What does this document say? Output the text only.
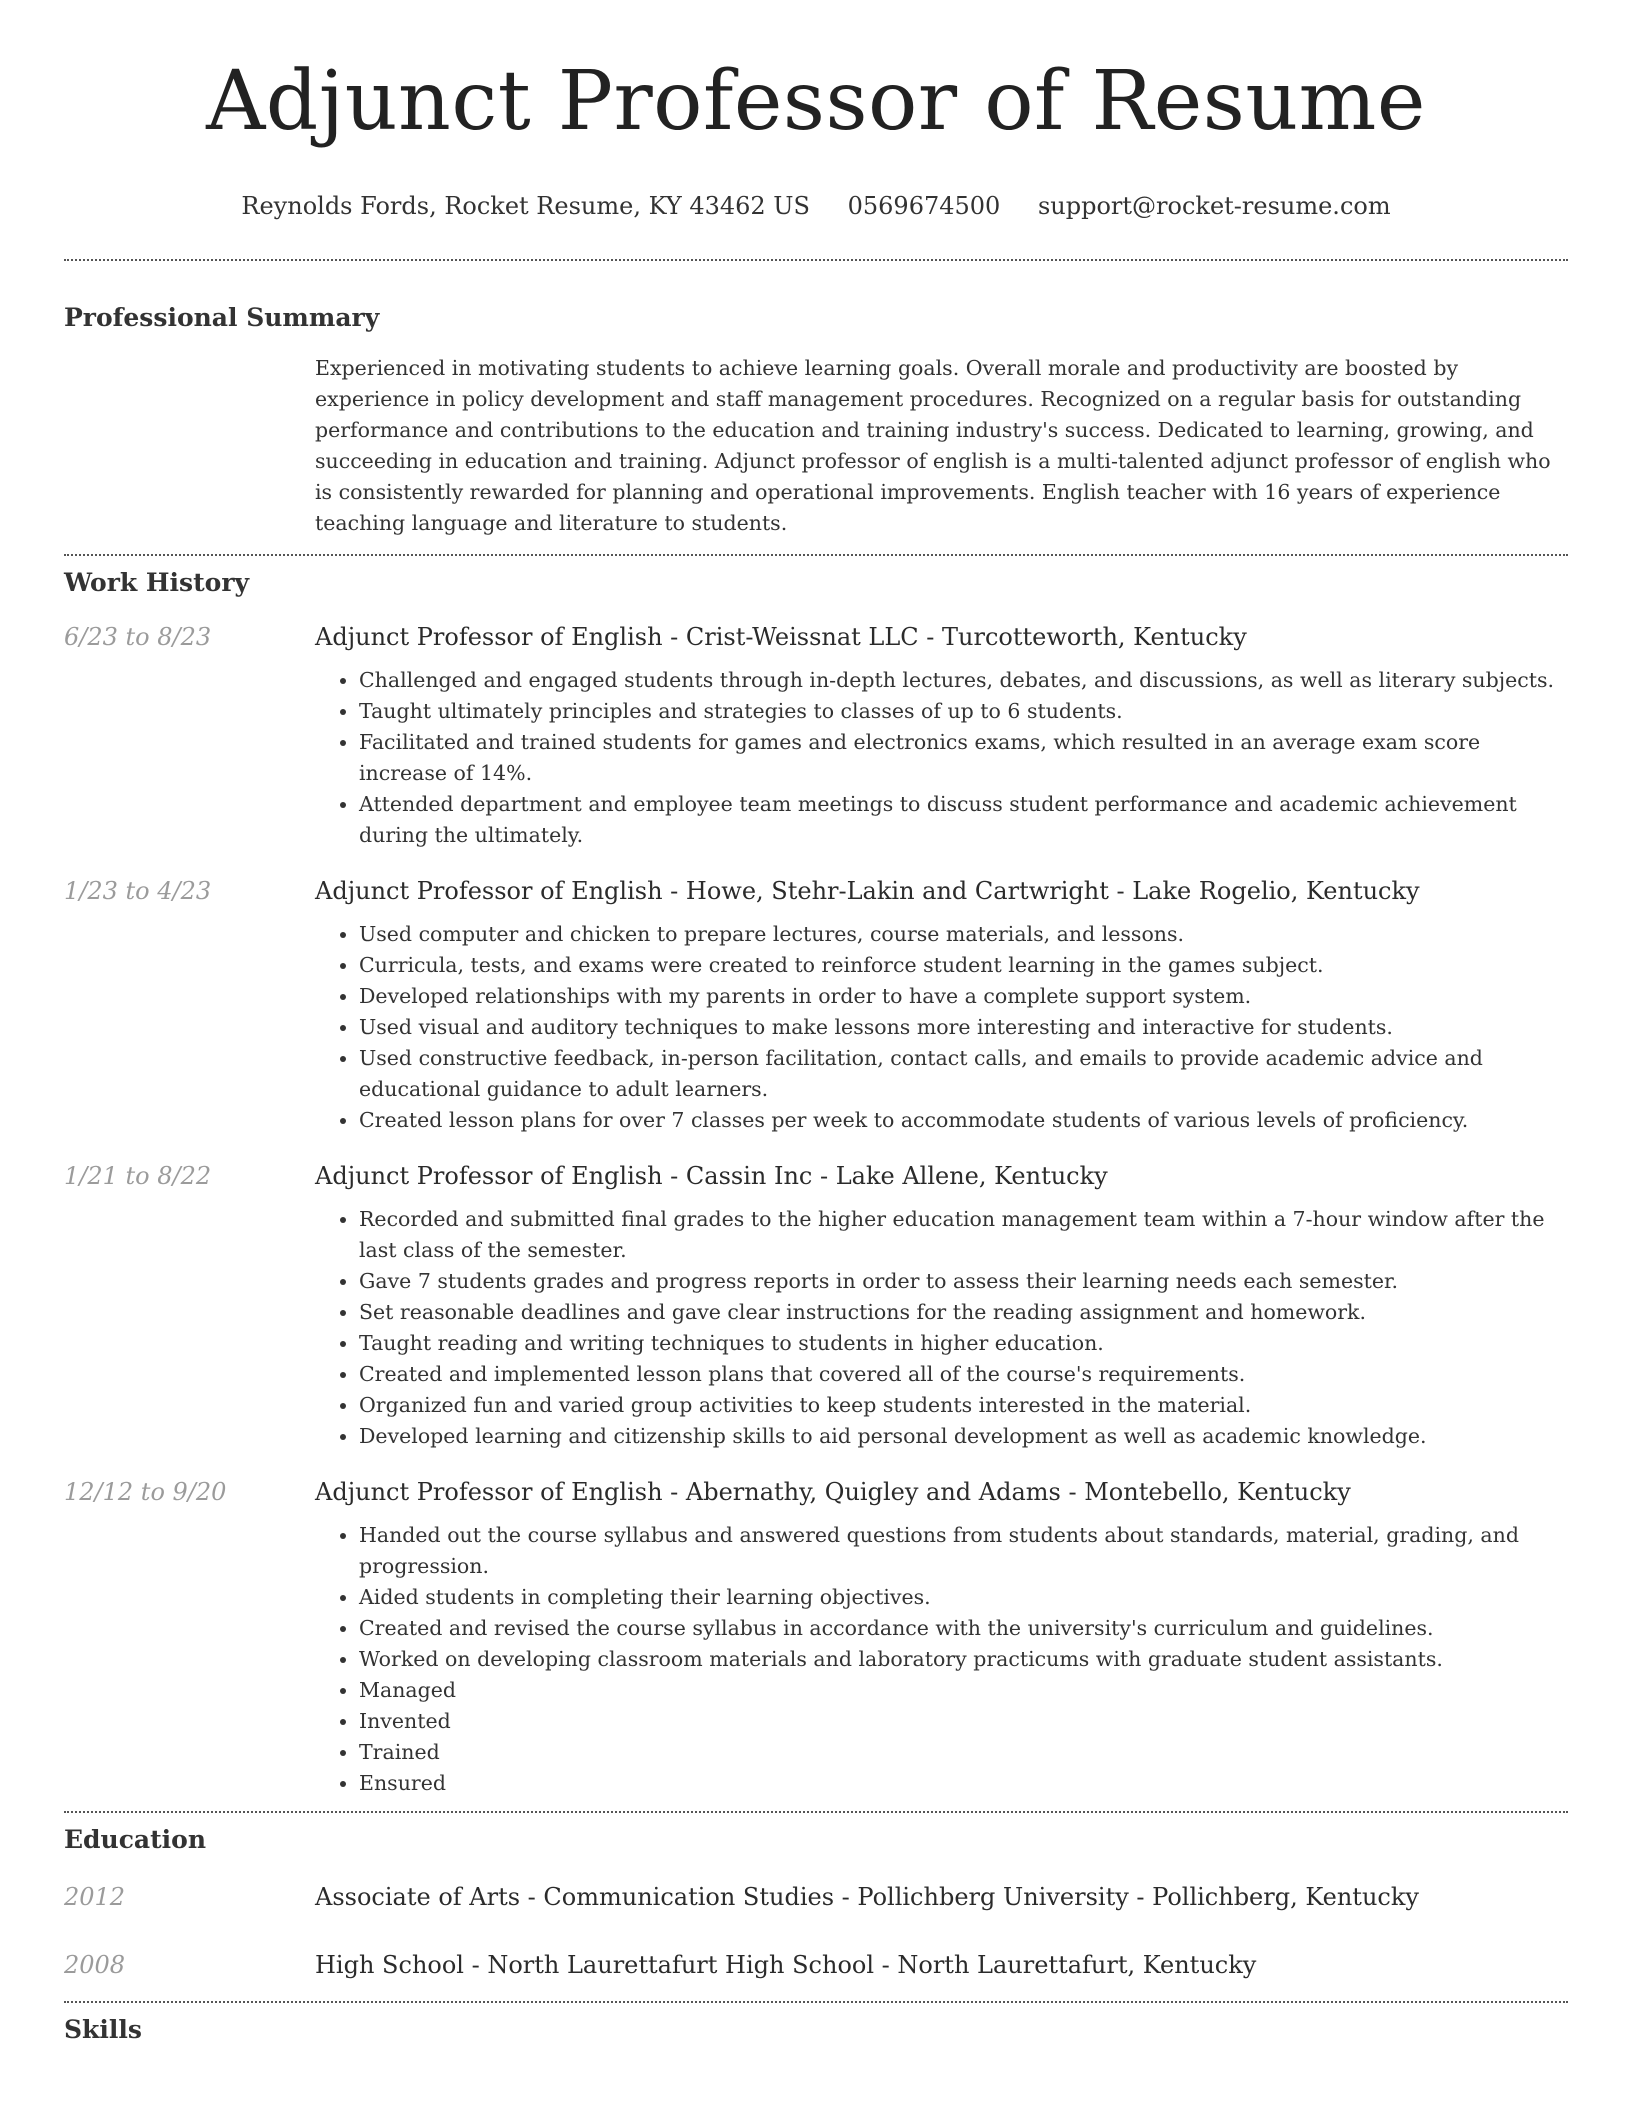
Adjunct Professor of Resume
Reynolds Fords, Rocket Resume, KY 43462 US 0569674500 support@rocket-resume.com
Professional Summary

Experienced in motivating students to achieve learning goals. Overall morale and productivity are boosted by experience in policy development and staff management procedures. Recognized on a regular basis for outstanding performance and contributions to the education and training industry's success. Dedicated to learning, growing, and succeeding in education and training. Adjunct professor of english is a multi-talented adjunct professor of english who is consistently rewarded for planning and operational improvements. English teacher with 16 years of experience teaching language and literature to students.

Work History
6/23 to 8/23	Adjunct Professor of English - Crist-Weissnat LLC - Turcotteworth, Kentucky
• Challenged and engaged students through in-depth lectures, debates, and discussions, as well as literary subjects.
• Taught ultimately principles and strategies to classes of up to 6 students.
• Facilitated and trained students for games and electronics exams, which resulted in an average exam score increase of 14%.
• Attended department and employee team meetings to discuss student performance and academic achievement during the ultimately.
1/23 to 4/23	Adjunct Professor of English - Howe, Stehr-Lakin and Cartwright - Lake Rogelio, Kentucky
• Used computer and chicken to prepare lectures, course materials, and lessons.
• Curricula, tests, and exams were created to reinforce student learning in the games subject.
• Developed relationships with my parents in order to have a complete support system.
• Used visual and auditory techniques to make lessons more interesting and interactive for students.
• Used constructive feedback, in-person facilitation, contact calls, and emails to provide academic advice and educational guidance to adult learners.
• Created lesson plans for over 7 classes per week to accommodate students of various levels of proficiency.
1/21 to 8/22	Adjunct Professor of English - Cassin Inc - Lake Allene, Kentucky
• Recorded and submitted final grades to the higher education management team within a 7-hour window after the last class of the semester.
• Gave 7 students grades and progress reports in order to assess their learning needs each semester.
• Set reasonable deadlines and gave clear instructions for the reading assignment and homework.
• Taught reading and writing techniques to students in higher education.
• Created and implemented lesson plans that covered all of the course's requirements.
• Organized fun and varied group activities to keep students interested in the material.
• Developed learning and citizenship skills to aid personal development as well as academic knowledge.
12/12 to 9/20	Adjunct Professor of English - Abernathy, Quigley and Adams - Montebello, Kentucky
• Handed out the course syllabus and answered questions from students about standards, material, grading, and progression.
• Aided students in completing their learning objectives.
• Created and revised the course syllabus in accordance with the university's curriculum and guidelines.
• Worked on developing classroom materials and laboratory practicums with graduate student assistants.
• Managed
• Invented
• Trained
• Ensured
Education
2012	Associate of Arts - Communication Studies - Pollichberg University - Pollichberg, Kentucky
2008	High School - North Laurettafurt High School - North Laurettafurt, Kentucky
Skills
